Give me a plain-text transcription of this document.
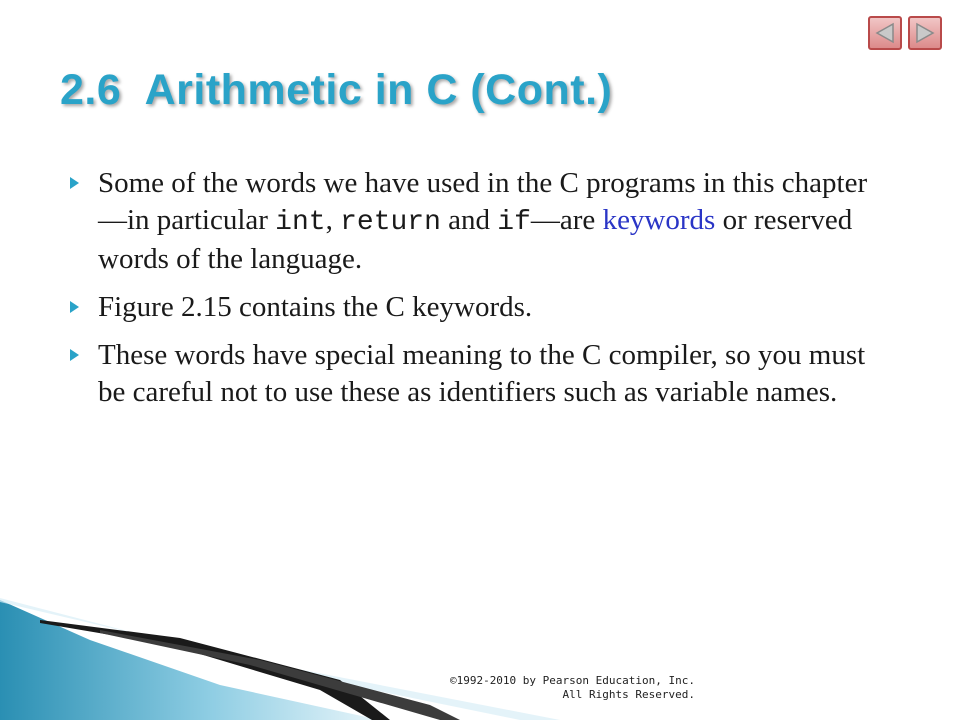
2.6 Arithmetic in C (Cont.)
Some of the words we have used in the C programs in this chapter—in particular int, return and if—are keywords or reserved words of the language.
Figure 2.15 contains the C keywords.
These words have special meaning to the C compiler, so you must be careful not to use these as identifiers such as variable names.
©1992-2010 by Pearson Education, Inc.
All Rights Reserved.
